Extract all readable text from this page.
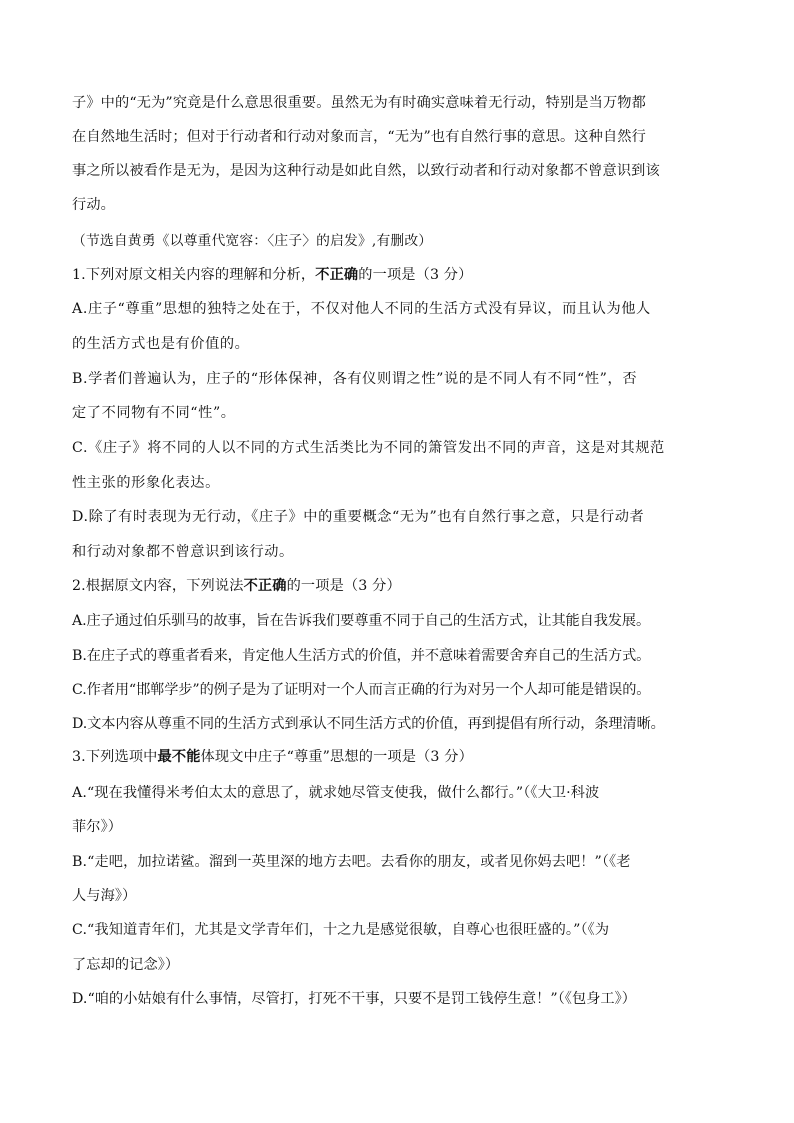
子》中的“无为”究竟是什么意思很重要。虽然无为有时确实意味着无行动，特别是当万物都
在自然地生活时；但对于行动者和行动对象而言，“无为”也有自然行事的意思。这种自然行
事之所以被看作是无为，是因为这种行动是如此自然，以致行动者和行动对象都不曾意识到该
行动。
（节选自黄勇《以尊重代宽容：〈庄子〉的启发》,有删改）
1.下列对原文相关内容的理解和分析，不正确的一项是（3 分）
A.庄子“尊重”思想的独特之处在于，不仅对他人不同的生活方式没有异议，而且认为他人
的生活方式也是有价值的。
B.学者们普遍认为，庄子的“形体保神，各有仪则谓之性”说的是不同人有不同“性”，否
定了不同物有不同“性”。
C.《庄子》将不同的人以不同的方式生活类比为不同的箫管发出不同的声音，这是对其规范
性主张的形象化表达。
D.除了有时表现为无行动，《庄子》中的重要概念“无为”也有自然行事之意，只是行动者
和行动对象都不曾意识到该行动。
2.根据原文内容，下列说法不正确的一项是（3 分）
A.庄子通过伯乐驯马的故事，旨在告诉我们要尊重不同于自己的生活方式，让其能自我发展。
B.在庄子式的尊重者看来，肯定他人生活方式的价值，并不意味着需要舍弃自己的生活方式。
C.作者用“邯郸学步”的例子是为了证明对一个人而言正确的行为对另一个人却可能是错误的。
D.文本内容从尊重不同的生活方式到承认不同生活方式的价值，再到提倡有所行动，条理清晰。
3.下列选项中最不能体现文中庄子“尊重”思想的一项是（3 分）
A.“现在我懂得米考伯太太的意思了，就求她尽管支使我，做什么都行。”（《大卫·科波
菲尔》）
B.“走吧，加拉诺鲨。溜到一英里深的地方去吧。去看你的朋友，或者见你妈去吧！”（《老
人与海》）
C.“我知道青年们，尤其是文学青年们，十之九是感觉很敏，自尊心也很旺盛的。”（《为
了忘却的记念》）
D.“咱的小姑娘有什么事情，尽管打，打死不干事，只要不是罚工钱停生意！”（《包身工》）
